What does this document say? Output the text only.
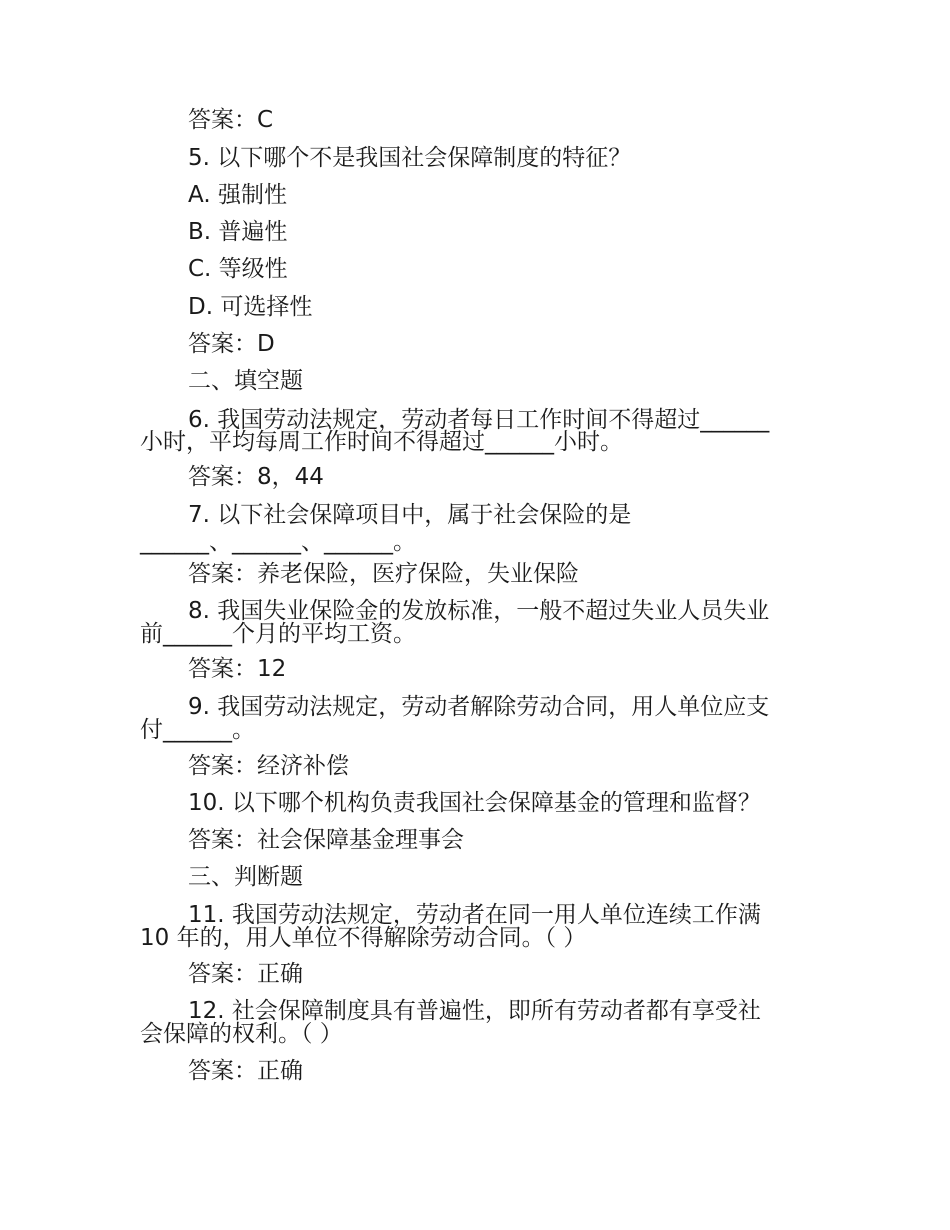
答案：C
5. 以下哪个不是我国社会保障制度的特征？
A. 强制性
B. 普遍性
C. 等级性
D. 可选择性
答案：D
二、填空题
6. 我国劳动法规定，劳动者每日工作时间不得超过______
小时，平均每周工作时间不得超过______小时。
答案：8，44
7. 以下社会保障项目中，属于社会保险的是
______、______、______。
答案：养老保险，医疗保险，失业保险
8. 我国失业保险金的发放标准，一般不超过失业人员失业
前______个月的平均工资。
答案：12
9. 我国劳动法规定，劳动者解除劳动合同，用人单位应支
付______。
答案：经济补偿
10. 以下哪个机构负责我国社会保障基金的管理和监督？
答案：社会保障基金理事会
三、判断题
11. 我国劳动法规定，劳动者在同一用人单位连续工作满
10 年的，用人单位不得解除劳动合同。（ ）
答案：正确
12. 社会保障制度具有普遍性，即所有劳动者都有享受社
会保障的权利。（ ）
答案：正确
